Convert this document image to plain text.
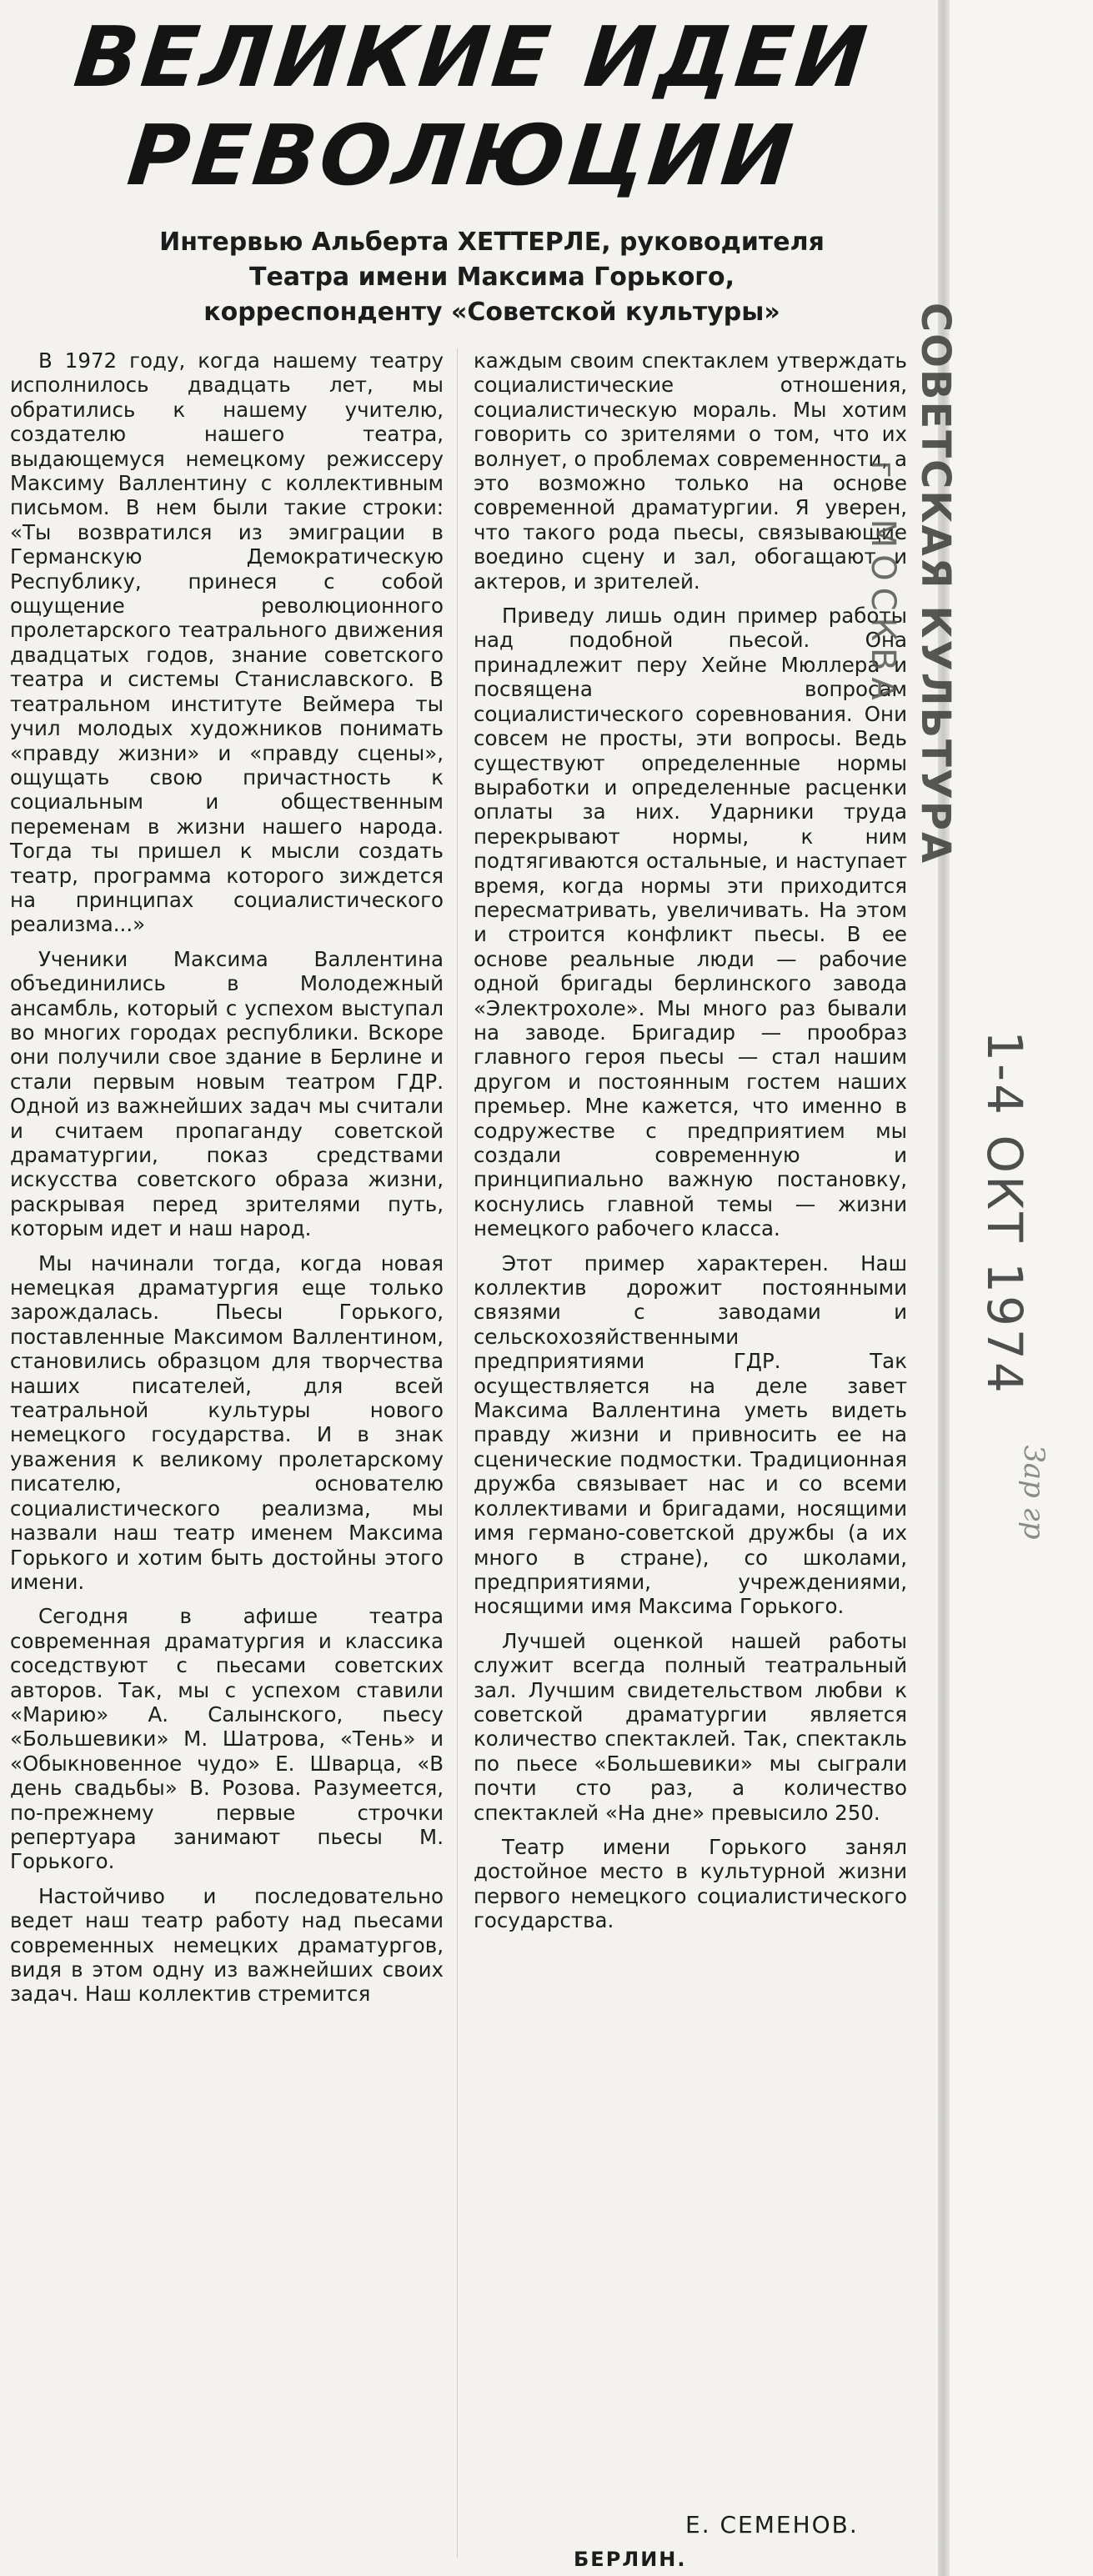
ВЕЛИКИЕ ИДЕИ
РЕВОЛЮЦИИ
Интервью Альберта ХЕТТЕРЛЕ, руководителя
Театра имени Максима Горького,
корреспонденту «Советской культуры»

В 1972 году, когда нашему театру исполнилось двадцать лет, мы обратились к нашему учителю, создателю нашего театра, выдающемуся немецкому режиссеру Максиму Валлентину с коллективным письмом. В нем были такие строки: «Ты возвратился из эмиграции в Германскую Демократическую Республику, принеся с собой ощущение революционного пролетарского театрального движения двадцатых годов, знание советского театра и системы Станиславского. В театральном институте Веймера ты учил молодых художников понимать «правду жизни» и «правду сцены», ощущать свою причастность к социальным и общественным переменам в жизни нашего народа. Тогда ты пришел к мысли создать театр, программа которого зиждется на принципах социалистического реализма...»

Ученики Максима Валлентина объединились в Молодежный ансамбль, который с успехом выступал во многих городах республики. Вскоре они получили свое здание в Берлине и стали первым новым театром ГДР. Одной из важнейших задач мы считали и считаем пропаганду советской драматургии, показ средствами искусства советского образа жизни, раскрывая перед зрителями путь, которым идет и наш народ.

Мы начинали тогда, когда новая немецкая драматургия еще только зарождалась. Пьесы Горького, поставленные Максимом Валлентином, становились образцом для творчества наших писателей, для всей театральной культуры нового немецкого государства. И в знак уважения к великому пролетарскому писателю, основателю социалистического реализма, мы назвали наш театр именем Максима Горького и хотим быть достойны этого имени.

Сегодня в афише театра современная драматургия и классика соседствуют с пьесами советских авторов. Так, мы с успехом ставили «Марию» А. Салынского, пьесу «Большевики» М. Шатрова, «Тень» и «Обыкновенное чудо» Е. Шварца, «В день свадьбы» В. Розова. Разумеется, по-прежнему первые строчки репертуара занимают пьесы М. Горького.

Настойчиво и последовательно ведет наш театр работу над пьесами современных немецких драматургов, видя в этом одну из важнейших своих задач. Наш коллектив стремится

каждым своим спектаклем утверждать социалистические отношения, социалистическую мораль. Мы хотим говорить со зрителями о том, что их волнует, о проблемах современности, а это возможно только на основе современной драматургии. Я уверен, что такого рода пьесы, связывающие воедино сцену и зал, обогащают и актеров, и зрителей.

Приведу лишь один пример работы над подобной пьесой. Она принадлежит перу Хейне Мюллера и посвящена вопросам социалистического соревнования. Они совсем не просты, эти вопросы. Ведь существуют определенные нормы выработки и определенные расценки оплаты за них. Ударники труда перекрывают нормы, к ним подтягиваются остальные, и наступает время, когда нормы эти приходится пересматривать, увеличивать. На этом и строится конфликт пьесы. В ее основе реальные люди — рабочие одной бригады берлинского завода «Электрохоле». Мы много раз бывали на заводе. Бригадир — прообраз главного героя пьесы — стал нашим другом и постоянным гостем наших премьер. Мне кажется, что именно в содружестве с предприятием мы создали современную и принципиально важную постановку, коснулись главной темы — жизни немецкого рабочего класса.

Этот пример характерен. Наш коллектив дорожит постоянными связями с заводами и сельскохозяйственными предприятиями ГДР. Так осуществляется на деле завет Максима Валлентина уметь видеть правду жизни и привносить ее на сценические подмостки. Традиционная дружба связывает нас и со всеми коллективами и бригадами, носящими имя германо-советской дружбы (а их много в стране), со школами, предприятиями, учреждениями, носящими имя Максима Горького.

Лучшей оценкой нашей работы служит всегда полный театральный зал. Лучшим свидетельством любви к советской драматургии является количество спектаклей. Так, спектакль по пьесе «Большевики» мы сыграли почти сто раз, а количество спектаклей «На дне» превысило 250.

Театр имени Горького занял достойное место в культурной жизни первого немецкого социалистического государства.

Е. СЕМЕНОВ.

БЕРЛИН.

СОВЕТСКАЯ КУЛЬТУРА
г. МОСКВА
1-4 ОКТ 1974
Зар гр
